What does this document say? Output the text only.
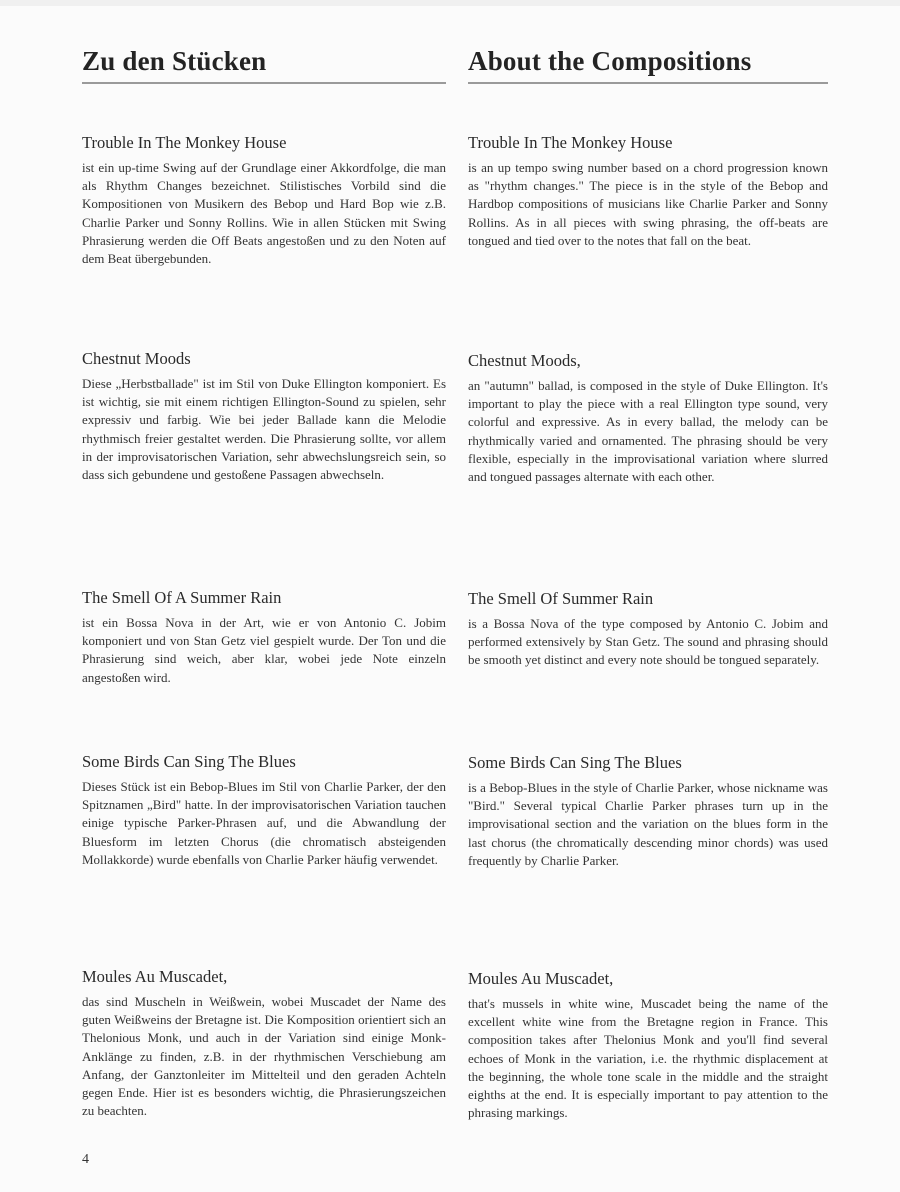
Zu den Stücken
Trouble In The Monkey House

ist ein up-time Swing auf der Grundlage einer Akkordfolge, die man als Rhythm Changes bezeichnet. Stilistisches Vorbild sind die Kompositionen von Musikern des Bebop und Hard Bop wie z.B. Charlie Parker und Sonny Rollins. Wie in allen Stücken mit Swing Phrasierung werden die Off Beats angestoßen und zu den Noten auf dem Beat übergebunden.

Chestnut Moods

Diese „Herbstballade" ist im Stil von Duke Ellington komponiert. Es ist wichtig, sie mit einem richtigen Ellington-Sound zu spielen, sehr expressiv und farbig. Wie bei jeder Ballade kann die Melodie rhythmisch freier gestaltet werden. Die Phrasierung sollte, vor allem in der improvisatorischen Variation, sehr abwechslungsreich sein, so dass sich gebundene und gestoßene Passagen abwechseln.

The Smell Of A Summer Rain

ist ein Bossa Nova in der Art, wie er von Antonio C. Jobim komponiert und von Stan Getz viel gespielt wurde. Der Ton und die Phrasierung sind weich, aber klar, wobei jede Note einzeln angestoßen wird.

Some Birds Can Sing The Blues

Dieses Stück ist ein Bebop-Blues im Stil von Charlie Parker, der den Spitznamen „Bird" hatte. In der improvisatorischen Variation tauchen einige typische Parker-Phrasen auf, und die Abwandlung der Bluesform im letzten Chorus (die chromatisch absteigenden Mollakkorde) wurde ebenfalls von Charlie Parker häufig verwendet.

Moules Au Muscadet,

das sind Muscheln in Weißwein, wobei Muscadet der Name des guten Weißweins der Bretagne ist. Die Komposition orientiert sich an Thelonious Monk, und auch in der Variation sind einige Monk-Anklänge zu finden, z.B. in der rhythmischen Verschiebung am Anfang, der Ganztonleiter im Mittelteil und den geraden Achteln gegen Ende. Hier ist es besonders wichtig, die Phrasierungszeichen zu beachten.

About the Compositions
Trouble In The Monkey House

is an up tempo swing number based on a chord progression known as "rhythm changes." The piece is in the style of the Bebop and Hardbop compositions of musicians like Charlie Parker and Sonny Rollins. As in all pieces with swing phrasing, the off-beats are tongued and tied over to the notes that fall on the beat.

Chestnut Moods,

an "autumn" ballad, is composed in the style of Duke Ellington. It's important to play the piece with a real Ellington type sound, very colorful and expressive. As in every ballad, the melody can be rhythmically varied and ornamented. The phrasing should be very flexible, especially in the improvisational variation where slurred and tongued passages alternate with each other.

The Smell Of Summer Rain

is a Bossa Nova of the type composed by Antonio C. Jobim and performed extensively by Stan Getz. The sound and phrasing should be smooth yet distinct and every note should be tongued separately.

Some Birds Can Sing The Blues

is a Bebop-Blues in the style of Charlie Parker, whose nickname was "Bird." Several typical Charlie Parker phrases turn up in the improvisational section and the variation on the blues form in the last chorus (the chromatically descending minor chords) was used frequently by Charlie Parker.

Moules Au Muscadet,

that's mussels in white wine, Muscadet being the name of the excellent white wine from the Bretagne region in France. This composition takes after Thelonius Monk and you'll find several echoes of Monk in the variation, i.e. the rhythmic displacement at the beginning, the whole tone scale in the middle and the straight eighths at the end. It is especially important to pay attention to the phrasing markings.

4
